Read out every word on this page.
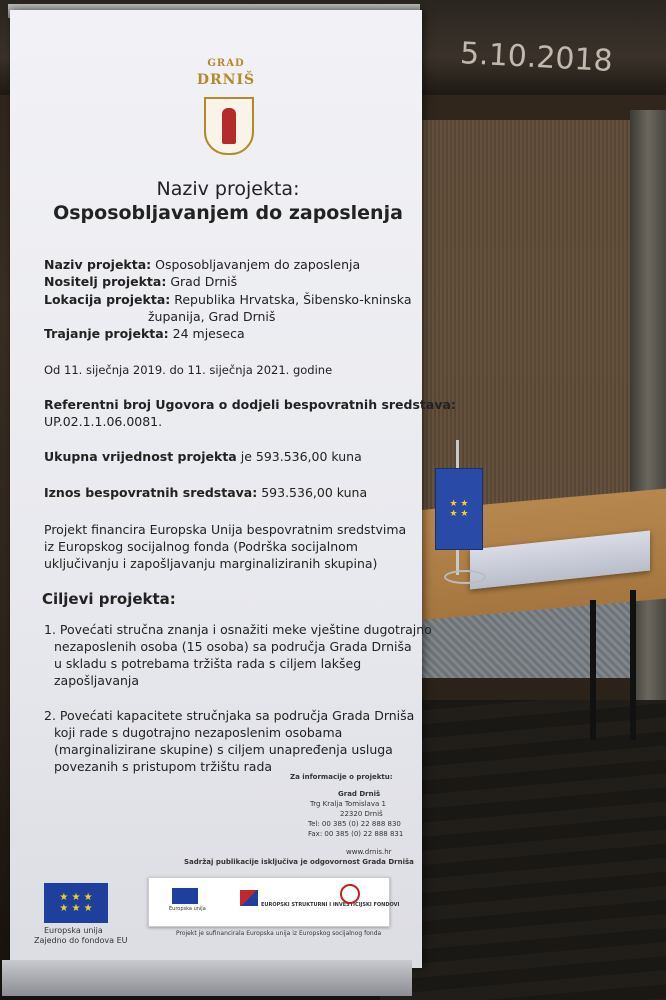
5.10.2018
★ ★
★ ★
GRAD
DRNIŠ
Naziv projekta:
Osposobljavanjem do zaposlenja
Naziv projekta: Osposobljavanjem do zaposlenja
Nositelj projekta: Grad Drniš
Lokacija projekta: Republika Hrvatska, Šibensko-kninska
županija, Grad Drniš
Trajanje projekta: 24 mjeseca
Od 11. siječnja 2019. do 11. siječnja 2021. godine
Referentni broj Ugovora o dodjeli bespovratnih sredstava:
UP.02.1.1.06.0081.
Ukupna vrijednost projekta je 593.536,00 kuna
Iznos bespovratnih sredstava: 593.536,00 kuna
Projekt financira Europska Unija bespovratnim sredstvima
iz Europskog socijalnog fonda (Podrška socijalnom
uključivanju i zapošljavanju marginaliziranih skupina)
Ciljevi projekta:
1. Povećati stručna znanja i osnažiti meke vještine dugotrajno
nezaposlenih osoba (15 osoba) sa područja Grada Drniša
u skladu s potrebama tržišta rada s ciljem lakšeg
zapošljavanja
2. Povećati kapacitete stručnjaka sa područja Grada Drniša
koji rade s dugotrajno nezaposlenim osobama
(marginalizirane skupine) s ciljem unapređenja usluga
povezanih s pristupom tržištu rada
Za informacije o projektu:
Grad Drniš
Trg Kralja Tomislava 1
22320 Drniš
Tel: 00 385 (0) 22 888 830
Fax: 00 385 (0) 22 888 831
www.drnis.hr
Sadržaj publikacije isključiva je odgovornost Grada Drniša
Europska unija
Zajedno do fondova EU
Projekt je sufinancirala Europska unija iz Europskog socijalnog fonda
★ ★ ★
★ ★ ★	Europska unija
EUROPSKI STRUKTURNI I INVESTICIJSKI FONDOVI
